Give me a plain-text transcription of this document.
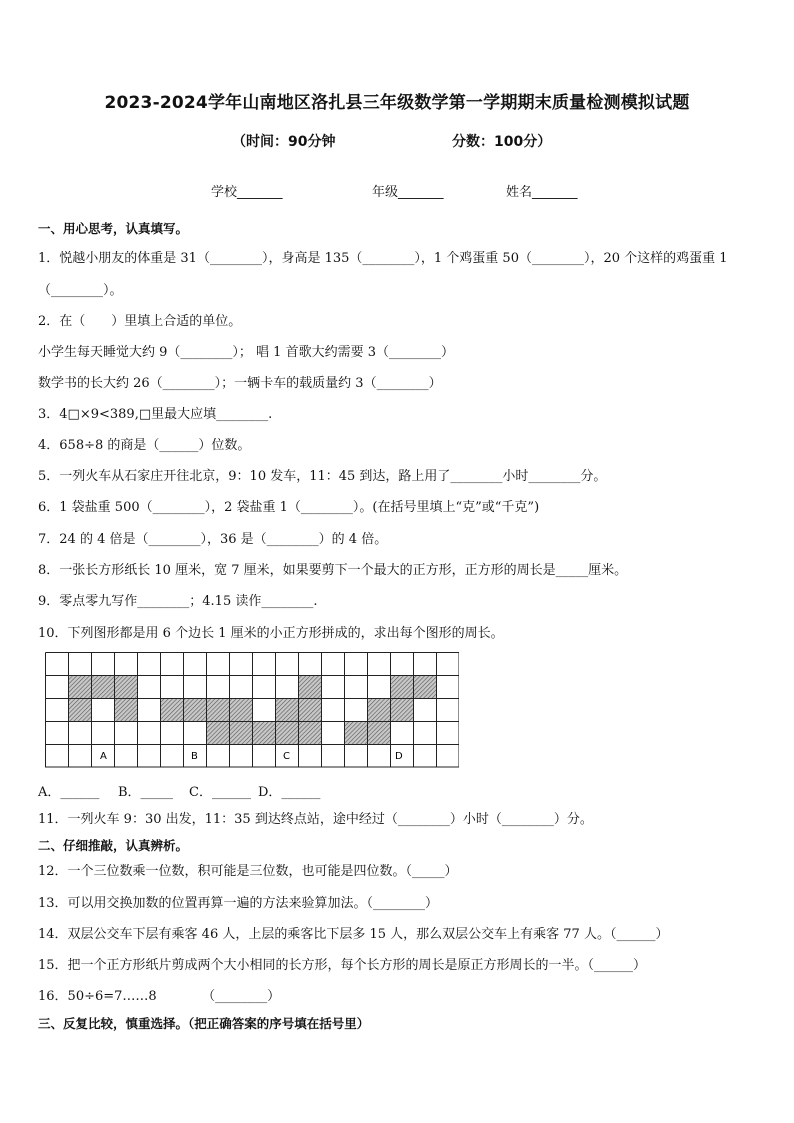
2023-2024学年山南地区洛扎县三年级数学第一学期期末质量检测模拟试题
（时间：90分钟	分数：100分）
学校_______	年级_______	姓名_______
一、用心思考，认真填写。
1．悦越小朋友的体重是 31（________），身高是 135（________），1 个鸡蛋重 50（________），20 个这样的鸡蛋重 1
（________）。
2．在（　　）里填上合适的单位。
小学生每天睡觉大约 9（________）； 唱 1 首歌大约需要 3（________）
数学书的长大约 26（________）；一辆卡车的载质量约 3（________）
3．4□×9<389,□里最大应填________.
4．658÷8 的商是（______）位数。
5．一列火车从石家庄开往北京，9：10 发车，11：45 到达，路上用了________小时________分。
6．1 袋盐重 500（________），2 袋盐重 1（________）。(在括号里填上“克”或“千克”)
7．24 的 4 倍是（________），36 是（________）的 4 倍。
8．一张长方形纸长 10 厘米，宽 7 厘米，如果要剪下一个最大的正方形，正方形的周长是_____厘米。
9．零点零九写作________；4.15 读作________.
10．下列图形都是用 6 个边长 1 厘米的小正方形拼成的，求出每个图形的周长。
A	B	C	D
A．______ B．_____ C．______ D．______
11．一列火车 9：30 出发，11：35 到达终点站，途中经过（________）小时（________）分。
二、仔细推敲，认真辨析。
12．一个三位数乘一位数，积可能是三位数，也可能是四位数。（_____）
13．可以用交换加数的位置再算一遍的方法来验算加法。（________）
14．双层公交车下层有乘客 46 人，上层的乘客比下层多 15 人，那么双层公交车上有乘客 77 人。（______）
15．把一个正方形纸片剪成两个大小相同的长方形，每个长方形的周长是原正方形周长的一半。（______）
16．50÷6=7……8　　　　（________）
三、反复比较，慎重选择。（把正确答案的序号填在括号里）
